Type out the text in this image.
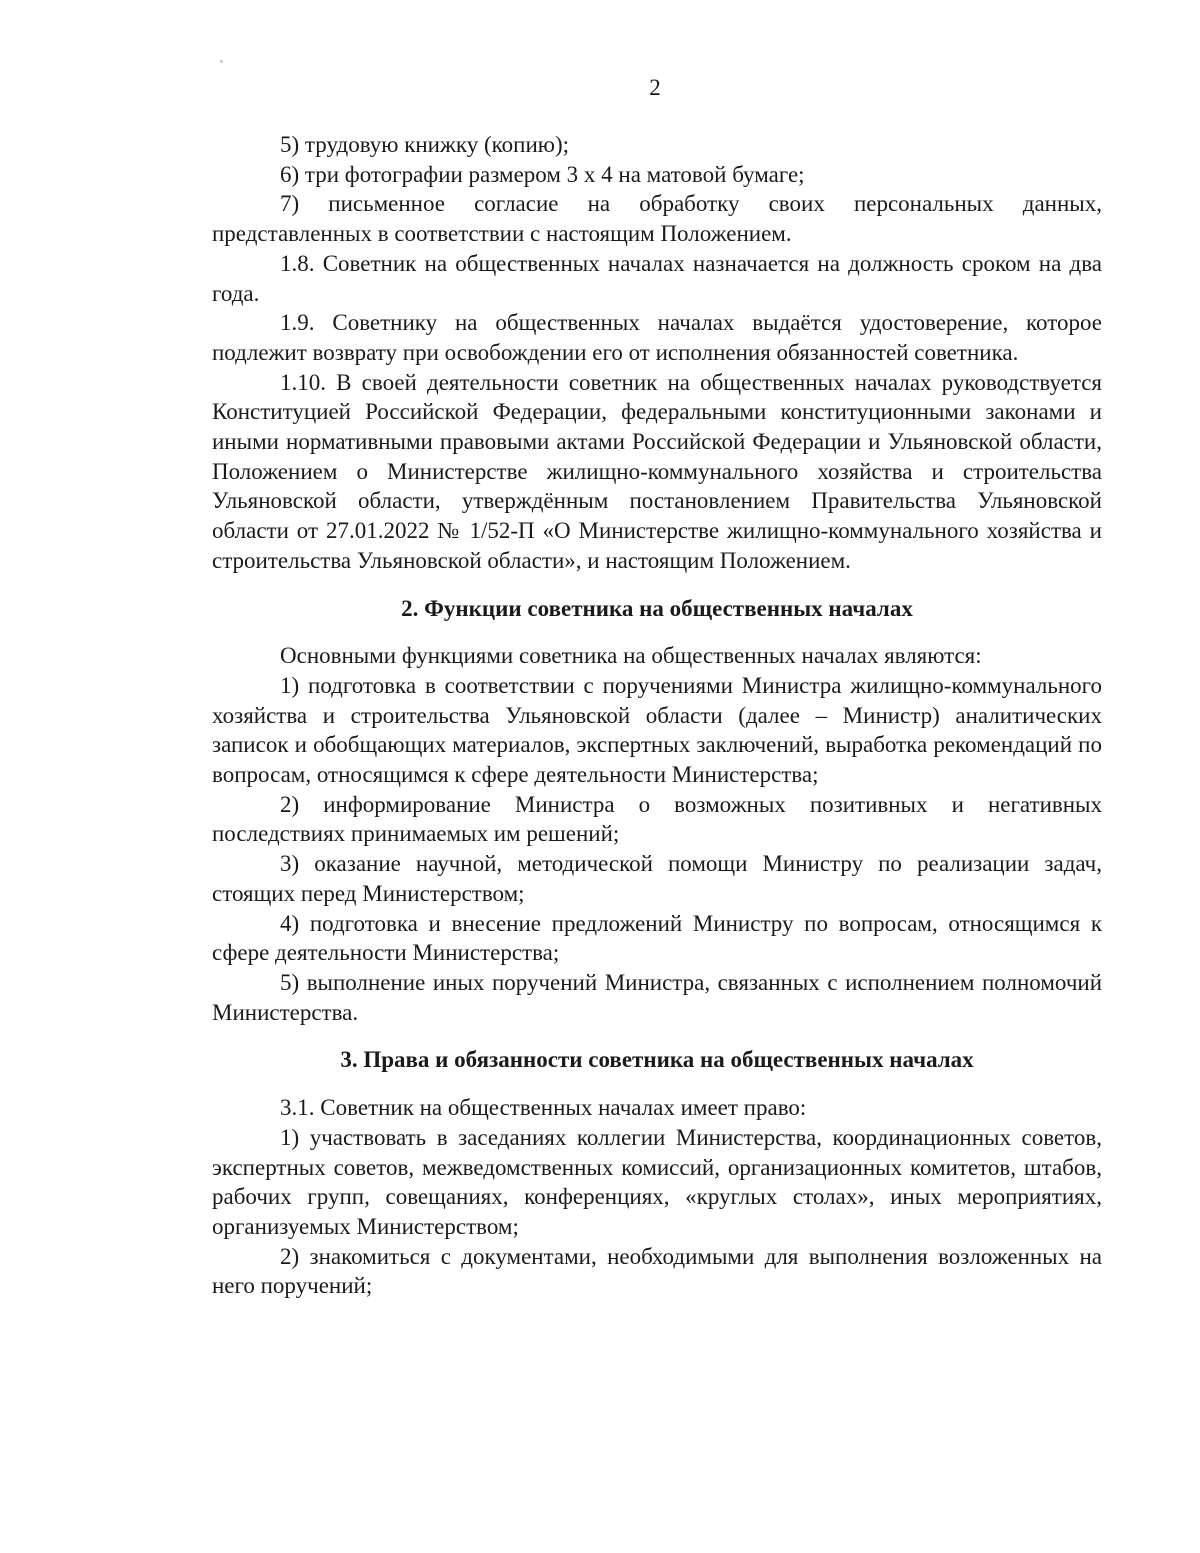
2

5) трудовую книжку (копию);

6) три фотографии размером 3 х 4 на матовой бумаге;

7) письменное согласие на обработку своих персональных данных, представленных в соответствии с настоящим Положением.

1.8. Советник на общественных началах назначается на должность сроком на два года.

1.9. Советнику на общественных началах выдаётся удостоверение, которое подлежит возврату при освобождении его от исполнения обязанностей советника.

1.10. В своей деятельности советник на общественных началах руководствуется Конституцией Российской Федерации, федеральными конституционными законами и иными нормативными правовыми актами Российской Федерации и Ульяновской области, Положением о Министерстве жилищно-коммунального хозяйства и строительства Ульяновской области, утверждённым постановлением Правительства Ульяновской области от 27.01.2022 № 1/52-П «О Министерстве жилищно-коммунального хозяйства и строительства Ульяновской области», и настоящим Положением.

2. Функции советника на общественных началах

Основными функциями советника на общественных началах являются:

1) подготовка в соответствии с поручениями Министра жилищно-коммунального хозяйства и строительства Ульяновской области (далее – Министр) аналитических записок и обобщающих материалов, экспертных заключений, выработка рекомендаций по вопросам, относящимся к сфере деятельности Министерства;

2) информирование Министра о возможных позитивных и негативных последствиях принимаемых им решений;

3) оказание научной, методической помощи Министру по реализации задач, стоящих перед Министерством;

4) подготовка и внесение предложений Министру по вопросам, относящимся к сфере деятельности Министерства;

5) выполнение иных поручений Министра, связанных с исполнением полномочий Министерства.

3. Права и обязанности советника на общественных началах

3.1. Советник на общественных началах имеет право:

1) участвовать в заседаниях коллегии Министерства, координационных советов, экспертных советов, межведомственных комиссий, организационных комитетов, штабов, рабочих групп, совещаниях, конференциях, «круглых столах», иных мероприятиях, организуемых Министерством;

2) знакомиться с документами, необходимыми для выполнения возложенных на него поручений;
